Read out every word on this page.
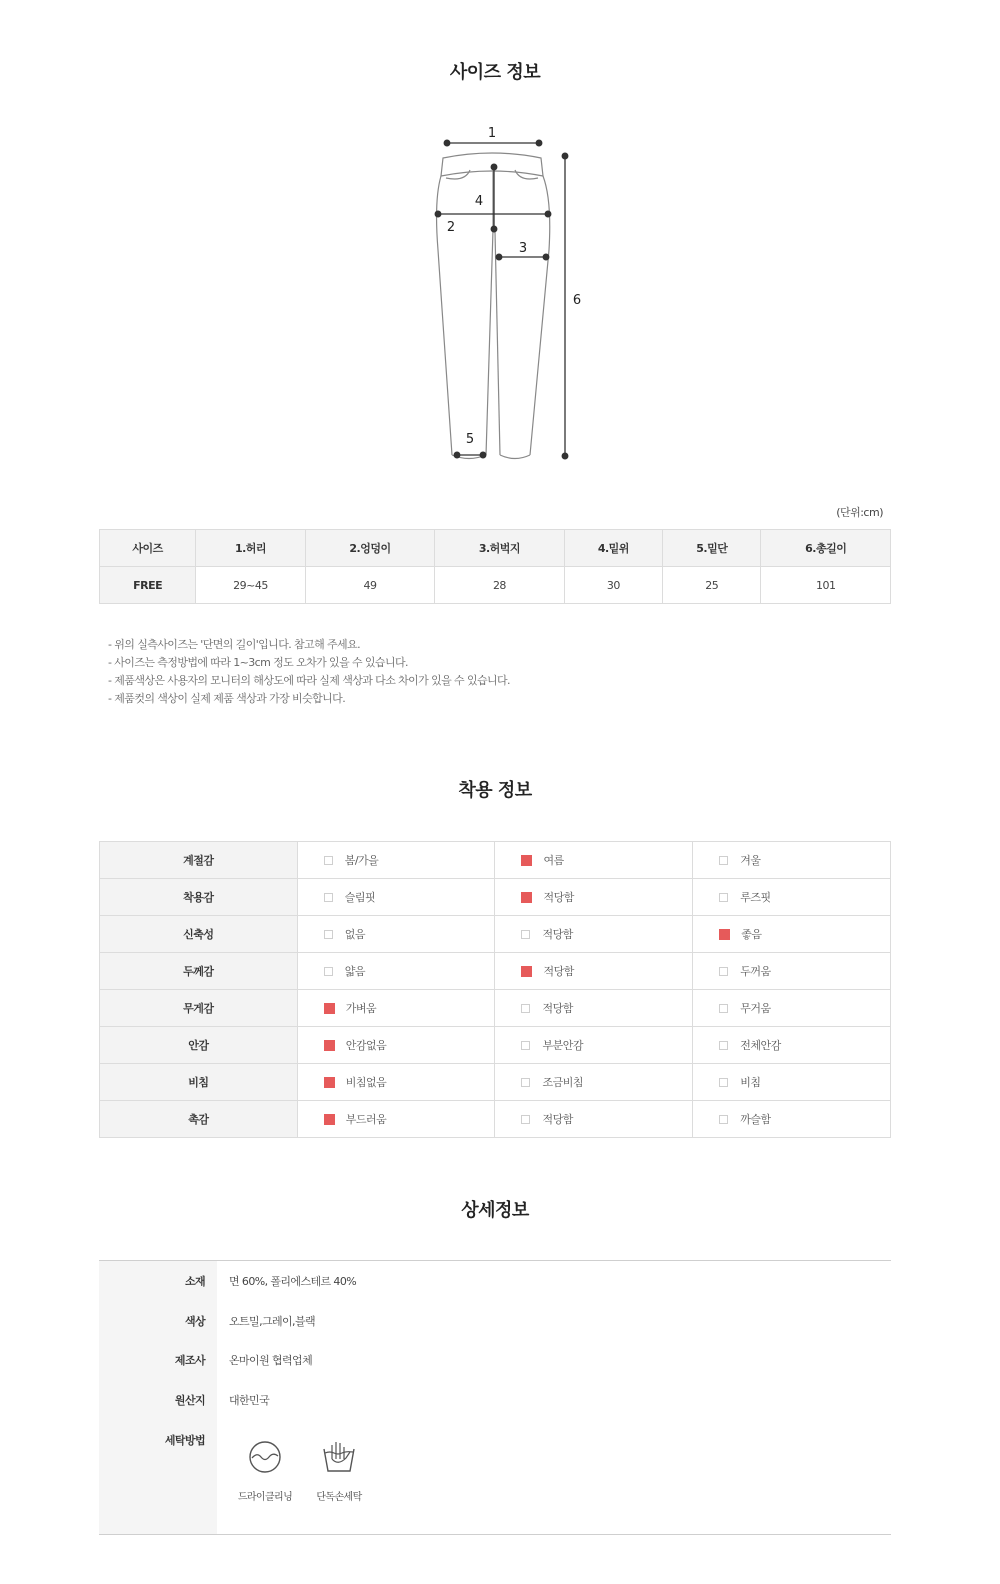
사이즈 정보
1
2
3
4
5
6
(단위:cm)
사이즈	1.허리	2.엉덩이	3.허벅지	4.밑위	5.밑단	6.총길이
FREE	29~45	49	28	30	25	101
- 위의 실측사이즈는 '단면의 길이'입니다. 참고해 주세요.
- 사이즈는 측정방법에 따라 1~3cm 정도 오차가 있을 수 있습니다.
- 제품색상은 사용자의 모니터의 해상도에 따라 실제 색상과 다소 차이가 있을 수 있습니다.
- 제품컷의 색상이 실제 제품 색상과 가장 비슷합니다.
착용 정보
계절감	봄/가을	여름	겨울

착용감	슬림핏	적당함	루즈핏

신축성	없음	적당함	좋음

두께감	얇음	적당함	두꺼움

무게감	가벼움	적당함	무거움

안감	안감없음	부분안감	전체안감

비침	비침없음	조금비침	비침

촉감	부드러움	적당함	까슬함
상세정보
소재 면 60%, 폴리에스테르 40%
색상 오트밀,그레이,블랙
제조사 온마이원 협력업체
원산지 대한민국
세탁방법
드라이클리닝	단독손세탁
